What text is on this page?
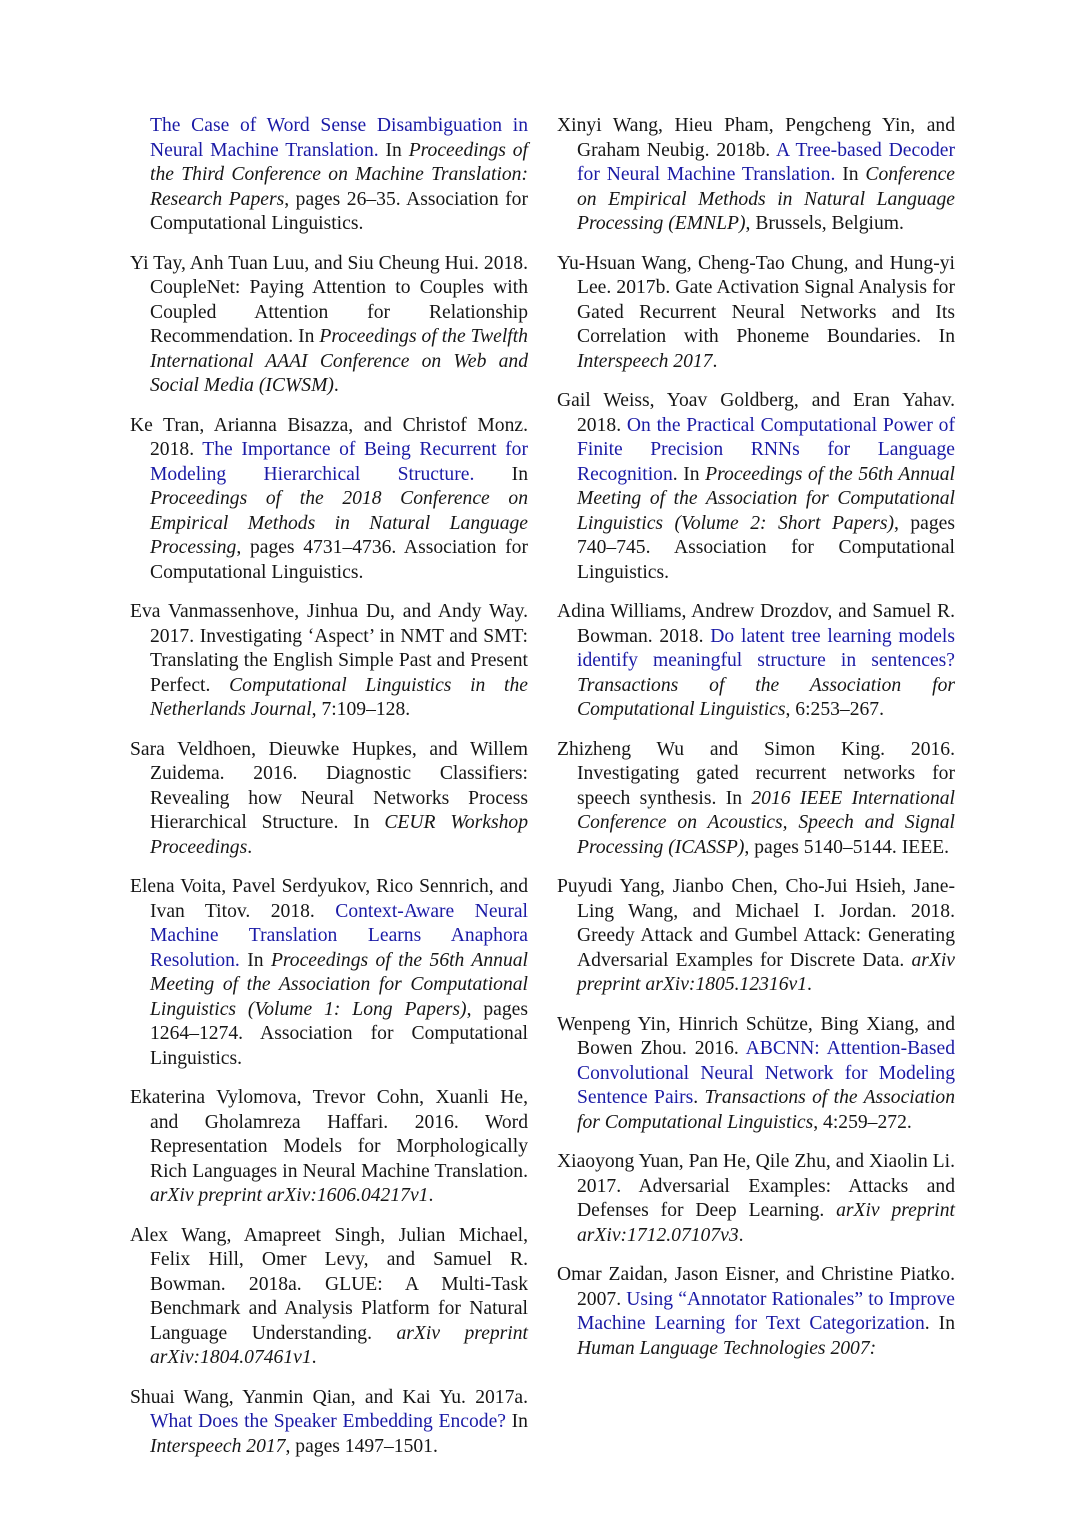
The Case of Word Sense Disambiguation in Neural Machine Translation. In Proceedings of the Third Conference on Machine Translation: Research Papers, pages 26–35. Association for Computational Linguistics.

Yi Tay, Anh Tuan Luu, and Siu Cheung Hui. 2018. CoupleNet: Paying Attention to Couples with Coupled Attention for Relationship Recommendation. In Proceedings of the Twelfth International AAAI Conference on Web and Social Media (ICWSM).

Ke Tran, Arianna Bisazza, and Christof Monz. 2018. The Importance of Being Recurrent for Modeling Hierarchical Structure. In Proceedings of the 2018 Conference on Empirical Methods in Natural Language Processing, pages 4731–4736. Association for Computational Linguistics.

Eva Vanmassenhove, Jinhua Du, and Andy Way. 2017. Investigating ‘Aspect’ in NMT and SMT: Translating the English Simple Past and Present Perfect. Computational Linguistics in the Netherlands Journal, 7:109–128.

Sara Veldhoen, Dieuwke Hupkes, and Willem Zuidema. 2016. Diagnostic Classifiers: Revealing how Neural Networks Process Hierarchical Structure. In CEUR Workshop Proceedings.

Elena Voita, Pavel Serdyukov, Rico Sennrich, and Ivan Titov. 2018. Context-Aware Neural Machine Translation Learns Anaphora Resolution. In Proceedings of the 56th Annual Meeting of the Association for Computational Linguistics (Volume 1: Long Papers), pages 1264–1274. Association for Computational Linguistics.

Ekaterina Vylomova, Trevor Cohn, Xuanli He, and Gholamreza Haffari. 2016. Word Representation Models for Morphologically Rich Languages in Neural Machine Translation. arXiv preprint arXiv:1606.04217v1.

Alex Wang, Amapreet Singh, Julian Michael, Felix Hill, Omer Levy, and Samuel R. Bowman. 2018a. GLUE: A Multi-Task Benchmark and Analysis Platform for Natural Language Understanding. arXiv preprint arXiv:1804.07461v1.

Shuai Wang, Yanmin Qian, and Kai Yu. 2017a. What Does the Speaker Embedding Encode? In Interspeech 2017, pages 1497–1501.

Xinyi Wang, Hieu Pham, Pengcheng Yin, and Graham Neubig. 2018b. A Tree-based Decoder for Neural Machine Translation. In Conference on Empirical Methods in Natural Language Processing (EMNLP), Brussels, Belgium.

Yu-Hsuan Wang, Cheng-Tao Chung, and Hung-yi Lee. 2017b. Gate Activation Signal Analysis for Gated Recurrent Neural Networks and Its Correlation with Phoneme Boundaries. In Interspeech 2017.

Gail Weiss, Yoav Goldberg, and Eran Yahav. 2018. On the Practical Computational Power of Finite Precision RNNs for Language Recognition. In Proceedings of the 56th Annual Meeting of the Association for Computational Linguistics (Volume 2: Short Papers), pages 740–745. Association for Computational Linguistics.

Adina Williams, Andrew Drozdov, and Samuel R. Bowman. 2018. Do latent tree learning models identify meaningful structure in sentences? Transactions of the Association for Computational Linguistics, 6:253–267.

Zhizheng Wu and Simon King. 2016. Investigating gated recurrent networks for speech synthesis. In 2016 IEEE International Conference on Acoustics, Speech and Signal Processing (ICASSP), pages 5140–5144. IEEE.

Puyudi Yang, Jianbo Chen, Cho-Jui Hsieh, Jane-Ling Wang, and Michael I. Jordan. 2018. Greedy Attack and Gumbel Attack: Generating Adversarial Examples for Discrete Data. arXiv preprint arXiv:1805.12316v1.

Wenpeng Yin, Hinrich Schütze, Bing Xiang, and Bowen Zhou. 2016. ABCNN: Attention-Based Convolutional Neural Network for Modeling Sentence Pairs. Transactions of the Association for Computational Linguistics, 4:259–272.

Xiaoyong Yuan, Pan He, Qile Zhu, and Xiaolin Li. 2017. Adversarial Examples: Attacks and Defenses for Deep Learning. arXiv preprint arXiv:1712.07107v3.

Omar Zaidan, Jason Eisner, and Christine Piatko. 2007. Using “Annotator Rationales” to Improve Machine Learning for Text Categorization. In Human Language Technologies 2007:
